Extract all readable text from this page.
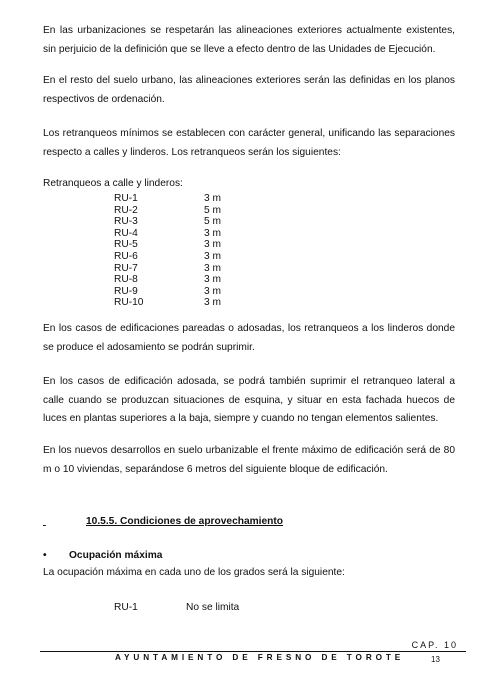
En las urbanizaciones se respetarán las alineaciones exteriores actualmente existentes, sin perjuicio de la definición que se lleve a efecto dentro de las Unidades de Ejecución.

En el resto del suelo urbano, las alineaciones exteriores serán las definidas en los planos respectivos de ordenación.

Los retranqueos mínimos se establecen con carácter general, unificando las separaciones respecto a calles y linderos. Los retranqueos serán los siguientes:

Retranqueos a calle y linderos:

RU-1	3 m
RU-2	5 m
RU-3	5 m
RU-4	3 m
RU-5	3 m
RU-6	3 m
RU-7	3 m
RU-8	3 m
RU-9	3 m
RU-10	3 m

En los casos de edificaciones pareadas o adosadas, los retranqueos a los linderos donde se produce el adosamiento se podrán suprimir.

En los casos de edificación adosada, se podrá también suprimir el retranqueo lateral a calle cuando se produzcan situaciones de esquina, y situar en esta fachada huecos de luces en plantas superiores a la baja, siempre y cuando no tengan elementos salientes.

En los nuevos desarrollos en suelo urbanizable el frente máximo de edificación será de 80 m o 10 viviendas, separándose 6 metros del siguiente bloque de edificación.

10.5.5. Condiciones de aprovechamiento
• Ocupación máxima

La ocupación máxima en cada uno de los grados será la siguiente:

RU-1	No se limita
CAP. 10
AYUNTAMIENTO DE FRESNO DE TOROTE	13
